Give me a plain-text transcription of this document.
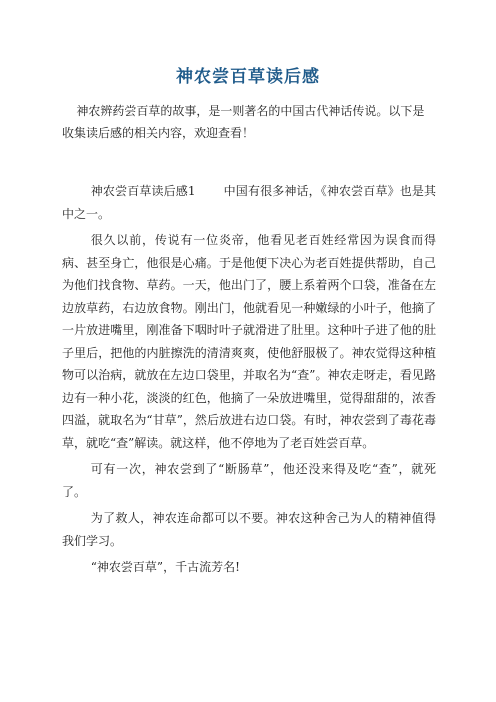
神农尝百草读后感
神农辨药尝百草的故事，是一则著名的中国古代神话传说。以下是收集读后感的相关内容，欢迎查看！

神农尝百草读后感1 中国有很多神话，《神农尝百草》也是其中之一。

很久以前，传说有一位炎帝，他看见老百姓经常因为误食而得病、甚至身亡，他很是心痛。于是他便下决心为老百姓提供帮助，自己为他们找食物、草药。一天，他出门了，腰上系着两个口袋，准备在左边放草药，右边放食物。刚出门，他就看见一种嫩绿的小叶子，他摘了一片放进嘴里，刚准备下咽时叶子就滑进了肚里。这种叶子进了他的肚子里后，把他的内脏擦洗的清清爽爽，使他舒服极了。神农觉得这种植物可以治病，就放在左边口袋里，并取名为“查”。神农走呀走，看见路边有一种小花，淡淡的红色，他摘了一朵放进嘴里，觉得甜甜的，浓香四溢，就取名为“甘草”，然后放进右边口袋。有时，神农尝到了毒花毒草，就吃“查”解读。就这样，他不停地为了老百姓尝百草。

可有一次，神农尝到了“断肠草”，他还没来得及吃“查”，就死了。

为了救人，神农连命都可以不要。神农这种舍己为人的精神值得我们学习。

“神农尝百草”，千古流芳名!
